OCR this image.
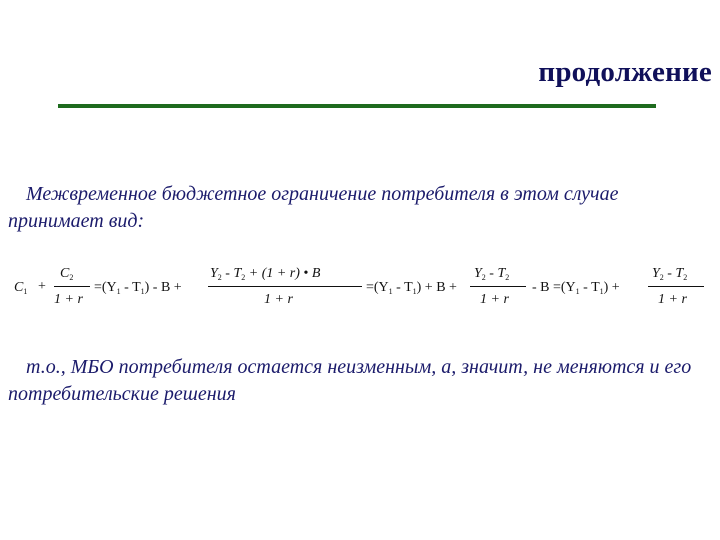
продолжение
Межвременное бюджетное ограничение потребителя в этом случае принимает вид:
$C_1$ +
$C_2$
1 + r
$=(Y_1 - T_1) - B$ +
$Y_2 - T_2 + (1 + r)$ • B
1 + r
$=(Y_1 - T_1) + B$ +
$Y_2 - T_2$
1 + r
- $B =(Y_1 - T_1)$ +
$Y_2 - T_2$
1 + r
т.о., МБО потребителя остается неизменным, а, значит, не меняются и его потребительские решения
